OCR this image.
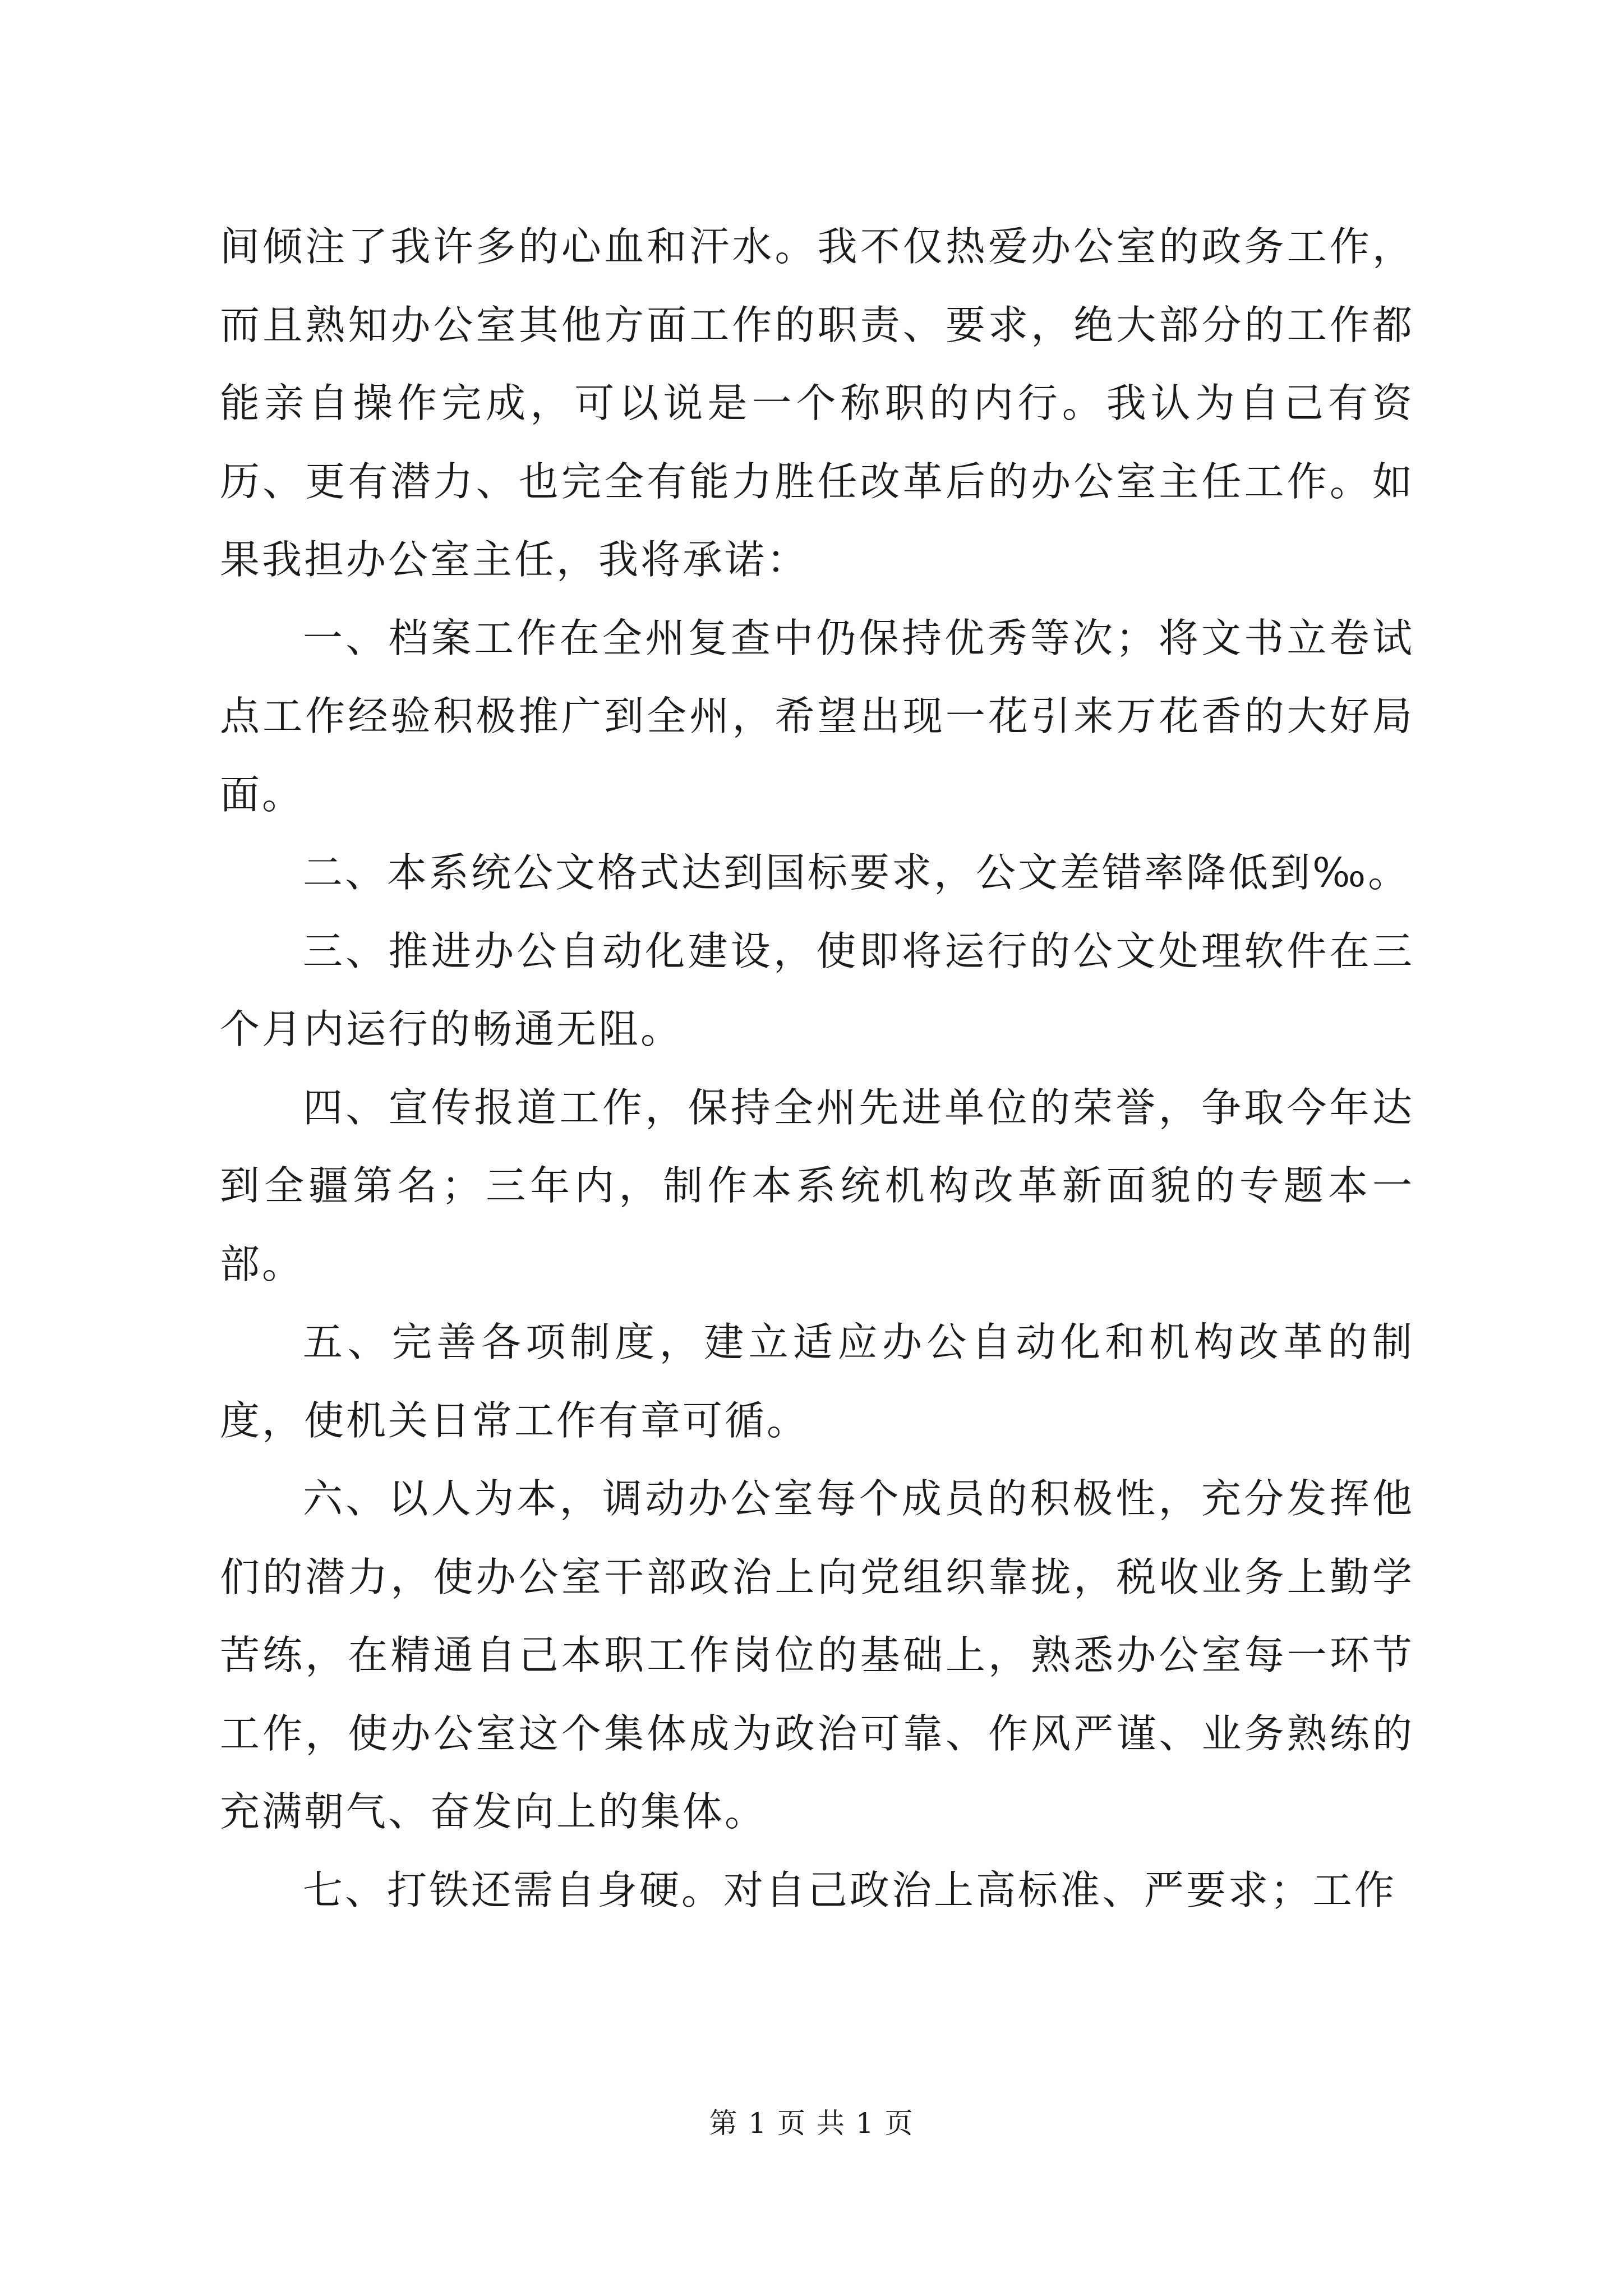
间倾注了我许多的心血和汗水。我不仅热爱办公室的政务工作，而且熟知办公室其他方面工作的职责、要求，绝大部分的工作都能亲自操作完成，可以说是一个称职的内行。我认为自己有资历、更有潜力、也完全有能力胜任改革后的办公室主任工作。如果我担办公室主任，我将承诺：

一、档案工作在全州复查中仍保持优秀等次；将文书立卷试点工作经验积极推广到全州，希望出现一花引来万花香的大好局面。

二、本系统公文格式达到国标要求，公文差错率降低到‰。

三、推进办公自动化建设，使即将运行的公文处理软件在三个月内运行的畅通无阻。

四、宣传报道工作，保持全州先进单位的荣誉，争取今年达到全疆第名；三年内，制作本系统机构改革新面貌的专题本一部。

五、完善各项制度，建立适应办公自动化和机构改革的制度，使机关日常工作有章可循。

六、以人为本，调动办公室每个成员的积极性，充分发挥他们的潜力，使办公室干部政治上向党组织靠拢，税收业务上勤学苦练，在精通自己本职工作岗位的基础上，熟悉办公室每一环节工作，使办公室这个集体成为政治可靠、作风严谨、业务熟练的充满朝气、奋发向上的集体。

七、打铁还需自身硬。对自己政治上高标准、严要求；工作

第 1 页 共 1 页
